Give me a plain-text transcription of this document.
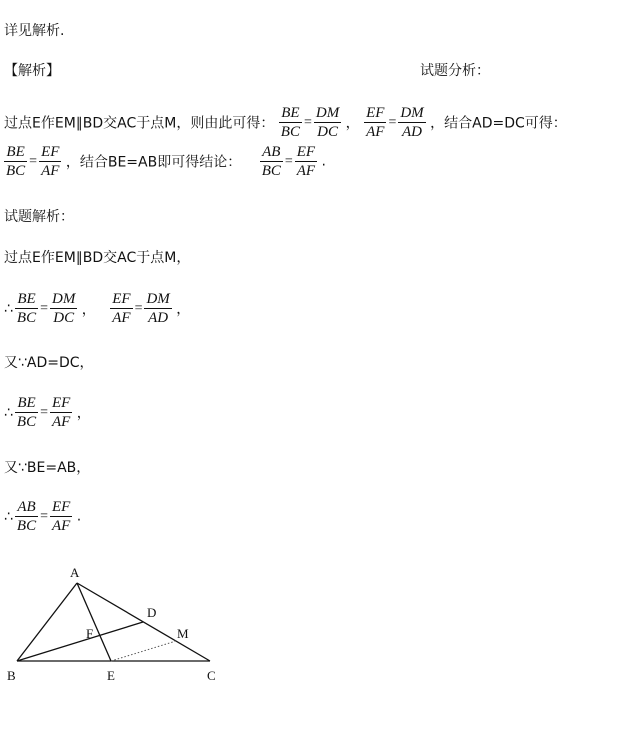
详见解析.
【解析】	试题分析：
过点E作EM∥BD交AC于点M，则由此可得： $\frac{BE}{BC} = \frac{DM}{DC}$ ， $\frac{EF}{AF} = \frac{DM}{AD}$ ，结合AD=DC可得：
$\frac{BE}{BC} = \frac{EF}{AF}$ ，结合BE=AB即可得结论： $\frac{AB}{BC} = \frac{EF}{AF}$ .
试题解析：
过点E作EM∥BD交AC于点M，
∴ $\frac{BE}{BC} = \frac{DM}{DC}$ ， $\frac{EF}{AF} = \frac{DM}{AD}$ ，
又∵AD=DC，
∴ $\frac{BE}{BC} = \frac{EF}{AF}$ ，
又∵BE=AB，
∴ $\frac{AB}{BC} = \frac{EF}{AF}$ .
A
B	C
D
E
F	M
